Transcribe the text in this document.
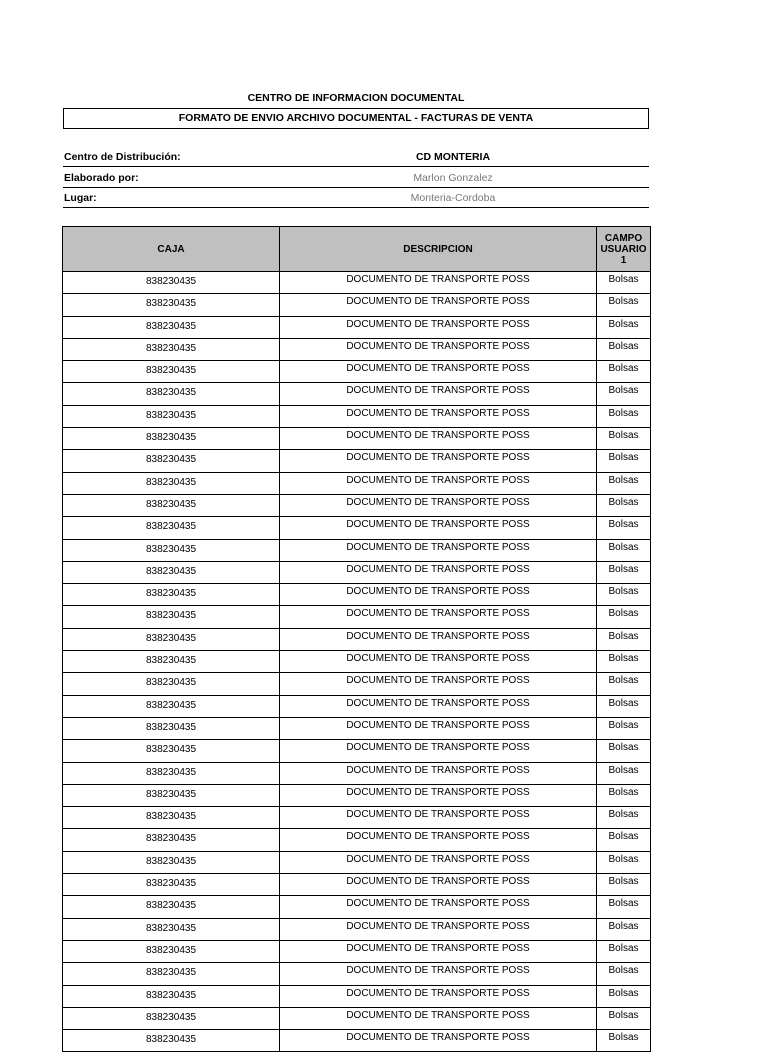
CENTRO DE INFORMACION DOCUMENTAL
FORMATO DE ENVIO ARCHIVO DOCUMENTAL - FACTURAS DE VENTA
Centro de Distribución:	CD MONTERIA
Elaborado por:	Marlon Gonzalez
Lugar:	Monteria-Cordoba
CAJA	DESCRIPCION	CAMPO USUARIO 1
838230435	DOCUMENTO DE TRANSPORTE POSS	Bolsas
838230435	DOCUMENTO DE TRANSPORTE POSS	Bolsas
838230435	DOCUMENTO DE TRANSPORTE POSS	Bolsas
838230435	DOCUMENTO DE TRANSPORTE POSS	Bolsas
838230435	DOCUMENTO DE TRANSPORTE POSS	Bolsas
838230435	DOCUMENTO DE TRANSPORTE POSS	Bolsas
838230435	DOCUMENTO DE TRANSPORTE POSS	Bolsas
838230435	DOCUMENTO DE TRANSPORTE POSS	Bolsas
838230435	DOCUMENTO DE TRANSPORTE POSS	Bolsas
838230435	DOCUMENTO DE TRANSPORTE POSS	Bolsas
838230435	DOCUMENTO DE TRANSPORTE POSS	Bolsas
838230435	DOCUMENTO DE TRANSPORTE POSS	Bolsas
838230435	DOCUMENTO DE TRANSPORTE POSS	Bolsas
838230435	DOCUMENTO DE TRANSPORTE POSS	Bolsas
838230435	DOCUMENTO DE TRANSPORTE POSS	Bolsas
838230435	DOCUMENTO DE TRANSPORTE POSS	Bolsas
838230435	DOCUMENTO DE TRANSPORTE POSS	Bolsas
838230435	DOCUMENTO DE TRANSPORTE POSS	Bolsas
838230435	DOCUMENTO DE TRANSPORTE POSS	Bolsas
838230435	DOCUMENTO DE TRANSPORTE POSS	Bolsas
838230435	DOCUMENTO DE TRANSPORTE POSS	Bolsas
838230435	DOCUMENTO DE TRANSPORTE POSS	Bolsas
838230435	DOCUMENTO DE TRANSPORTE POSS	Bolsas
838230435	DOCUMENTO DE TRANSPORTE POSS	Bolsas
838230435	DOCUMENTO DE TRANSPORTE POSS	Bolsas
838230435	DOCUMENTO DE TRANSPORTE POSS	Bolsas
838230435	DOCUMENTO DE TRANSPORTE POSS	Bolsas
838230435	DOCUMENTO DE TRANSPORTE POSS	Bolsas
838230435	DOCUMENTO DE TRANSPORTE POSS	Bolsas
838230435	DOCUMENTO DE TRANSPORTE POSS	Bolsas
838230435	DOCUMENTO DE TRANSPORTE POSS	Bolsas
838230435	DOCUMENTO DE TRANSPORTE POSS	Bolsas
838230435	DOCUMENTO DE TRANSPORTE POSS	Bolsas
838230435	DOCUMENTO DE TRANSPORTE POSS	Bolsas
838230435	DOCUMENTO DE TRANSPORTE POSS	Bolsas
